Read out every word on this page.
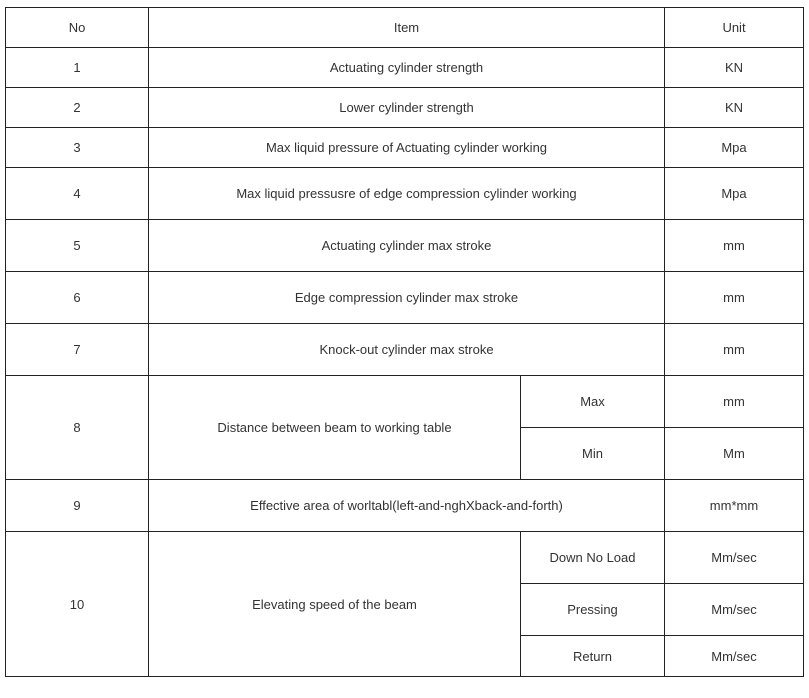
No	Item		Unit
1	Actuating cylinder strength		KN
2	Lower cylinder strength		KN
3	Max liquid pressure of Actuating cylinder working		Mpa
4	Max liquid pressusre of edge compression cylinder working		Mpa
5	Actuating cylinder max stroke		mm
6	Edge compression cylinder max stroke		mm
7	Knock-out cylinder max stroke		mm
8	Distance between beam to working table	Max	mm
		Min	Mm
9	Effective area of worltabl(left-and-nghXback-and-forth)		mm*mm
10	Elevating speed of the beam	Down No Load	Mm/sec
		Pressing	Mm/sec
		Return	Mm/sec
